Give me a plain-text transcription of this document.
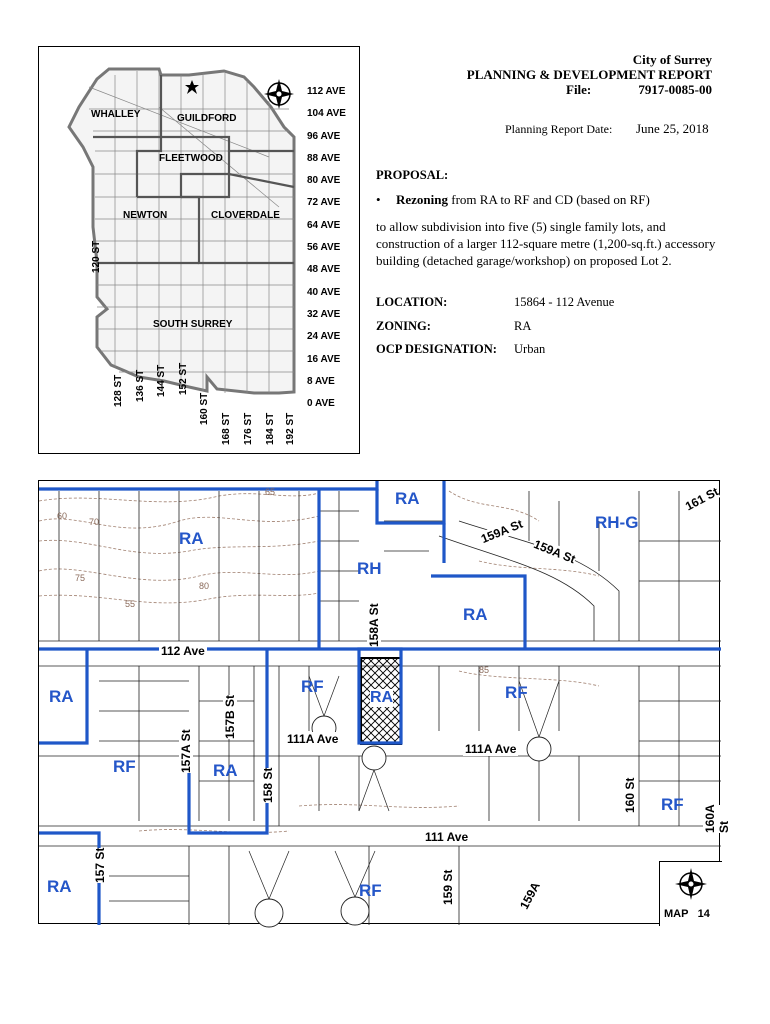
City of Surrey
PLANNING & DEVELOPMENT REPORT
File:	7917-0085-00
Planning Report Date: June 25, 2018
PROPOSAL:
• Rezoning from RA to RF and CD (based on RF)
to allow subdivision into five (5) single family lots, and construction of a larger 112-square metre (1,200-sq.ft.) accessory building (detached garage/workshop) on proposed Lot 2.
LOCATION:	15864 - 112 Avenue
ZONING:	RA
OCP DESIGNATION: Urban
112 AVE
104 AVE
96 AVE
88 AVE
80 AVE
72 AVE
64 AVE
56 AVE
48 AVE
40 AVE
32 AVE
24 AVE
16 AVE
8 AVE
0 AVE
WHALLEY	GUILDFORD
FLEETWOOD
NEWTON	CLOVERDALE
SOUTH SURREY
120 ST
128 ST 136 ST 144 ST 152 ST
160 ST
168 ST 176 ST 184 ST 192 ST
RA
RH-G
RA
RH
RA
RA
RF
RA	RF
RF	RA
RF
RA	RF
112 Ave
111A Ave
111A Ave
111 Ave
159A St
159A St
161 St
158A St
157A St
157B St
158 St	160 St
160A St
157 St
159 St	159A
65
60
70
75
80
55
85
MAP 14
